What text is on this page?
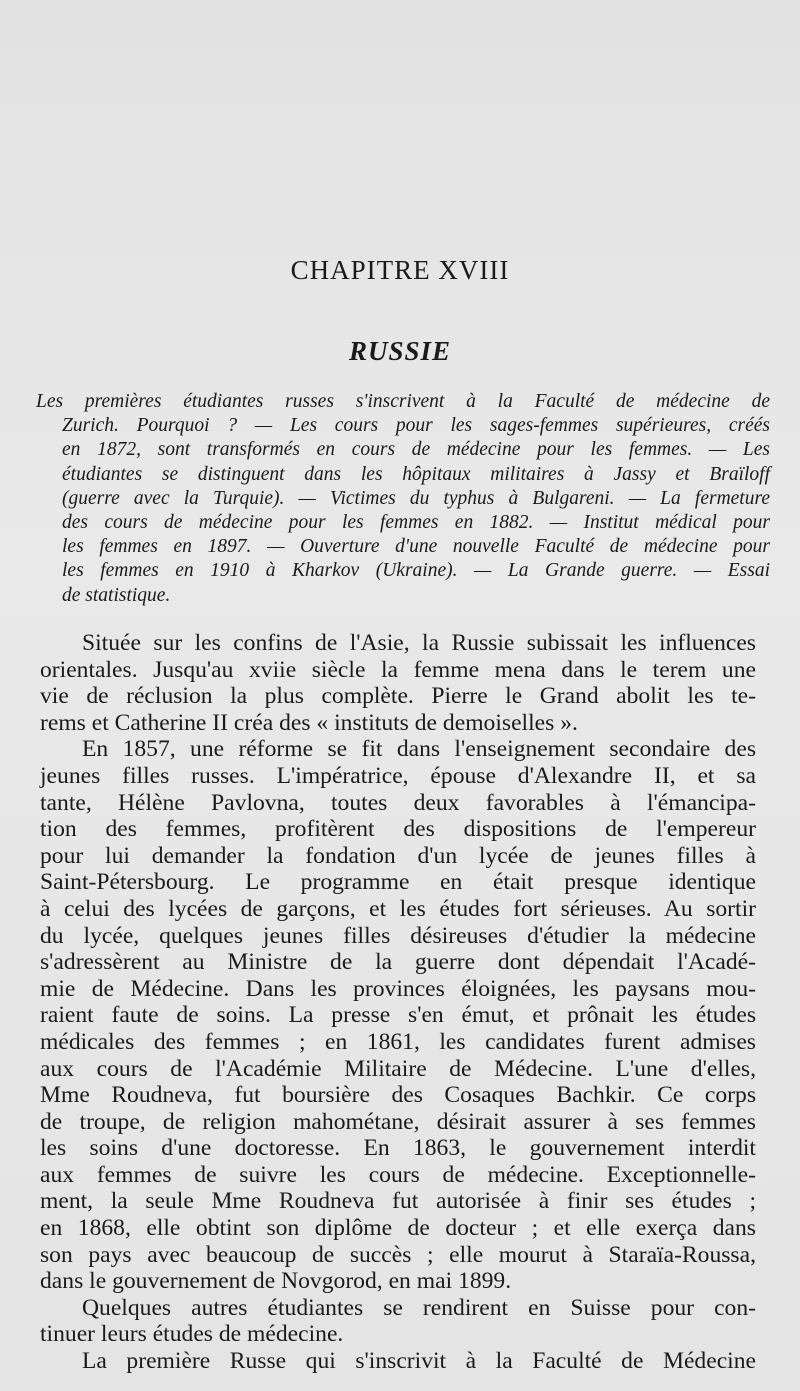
CHAPITRE XVIII
RUSSIE
Les premières étudiantes russes s'inscrivent à la Faculté de médecine de
Zurich. Pourquoi ? — Les cours pour les sages-femmes supérieures, créés
en 1872, sont transformés en cours de médecine pour les femmes. — Les
étudiantes se distinguent dans les hôpitaux militaires à Jassy et Braïloff
(guerre avec la Turquie). — Victimes du typhus à Bulgareni. — La fermeture
des cours de médecine pour les femmes en 1882. — Institut médical pour
les femmes en 1897. — Ouverture d'une nouvelle Faculté de médecine pour
les femmes en 1910 à Kharkov (Ukraine). — La Grande guerre. — Essai
de statistique.
Située sur les confins de l'Asie, la Russie subissait les influences
orientales. Jusqu'au xviie siècle la femme mena dans le terem une
vie de réclusion la plus complète. Pierre le Grand abolit les te-
rems et Catherine II créa des « instituts de demoiselles ».
En 1857, une réforme se fit dans l'enseignement secondaire des
jeunes filles russes. L'impératrice, épouse d'Alexandre II, et sa
tante, Hélène Pavlovna, toutes deux favorables à l'émancipa-
tion des femmes, profitèrent des dispositions de l'empereur
pour lui demander la fondation d'un lycée de jeunes filles à
Saint-Pétersbourg. Le programme en était presque identique
à celui des lycées de garçons, et les études fort sérieuses. Au sortir
du lycée, quelques jeunes filles désireuses d'étudier la médecine
s'adressèrent au Ministre de la guerre dont dépendait l'Acadé-
mie de Médecine. Dans les provinces éloignées, les paysans mou-
raient faute de soins. La presse s'en émut, et prônait les études
médicales des femmes ; en 1861, les candidates furent admises
aux cours de l'Académie Militaire de Médecine. L'une d'elles,
Mme Roudneva, fut boursière des Cosaques Bachkir. Ce corps
de troupe, de religion mahométane, désirait assurer à ses femmes
les soins d'une doctoresse. En 1863, le gouvernement interdit
aux femmes de suivre les cours de médecine. Exceptionnelle-
ment, la seule Mme Roudneva fut autorisée à finir ses études ;
en 1868, elle obtint son diplôme de docteur ; et elle exerça dans
son pays avec beaucoup de succès ; elle mourut à Staraïa-Roussa,
dans le gouvernement de Novgorod, en mai 1899.
Quelques autres étudiantes se rendirent en Suisse pour con-
tinuer leurs études de médecine.
La première Russe qui s'inscrivit à la Faculté de Médecine
